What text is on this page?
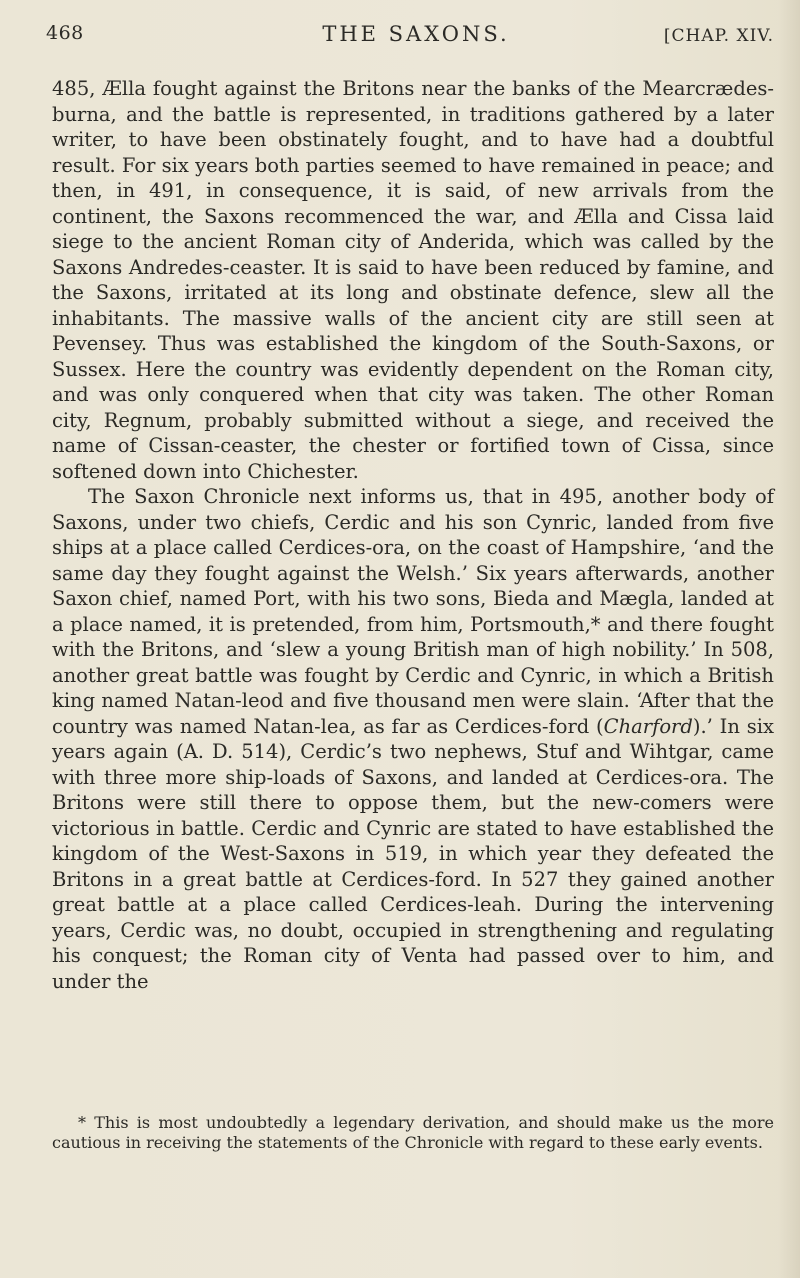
468	THE SAXONS.	[CHAP. XIV.

485, Ælla fought against the Britons near the banks of the Mearcrædes-burna, and the battle is represented, in traditions gathered by a later writer, to have been obstinately fought, and to have had a doubtful result. For six years both parties seemed to have remained in peace; and then, in 491, in consequence, it is said, of new arrivals from the continent, the Saxons recommenced the war, and Ælla and Cissa laid siege to the ancient Roman city of Anderida, which was called by the Saxons Andredes-ceaster. It is said to have been reduced by famine, and the Saxons, irritated at its long and obstinate defence, slew all the inhabitants. The massive walls of the ancient city are still seen at Pevensey. Thus was established the kingdom of the South-Saxons, or Sussex. Here the country was evidently dependent on the Roman city, and was only conquered when that city was taken. The other Roman city, Regnum, probably submitted without a siege, and received the name of Cissan-ceaster, the chester or fortified town of Cissa, since softened down into Chichester.

The Saxon Chronicle next informs us, that in 495, another body of Saxons, under two chiefs, Cerdic and his son Cynric, landed from five ships at a place called Cerdices-ora, on the coast of Hampshire, ‘and the same day they fought against the Welsh.’ Six years afterwards, another Saxon chief, named Port, with his two sons, Bieda and Mægla, landed at a place named, it is pretended, from him, Portsmouth,* and there fought with the Britons, and ‘slew a young British man of high nobility.’ In 508, another great battle was fought by Cerdic and Cynric, in which a British king named Natan-leod and five thousand men were slain. ‘After that the country was named Natan-lea, as far as Cerdices-ford (Charford).’ In six years again (A. D. 514), Cerdic’s two nephews, Stuf and Wihtgar, came with three more ship-loads of Saxons, and landed at Cerdices-ora. The Britons were still there to oppose them, but the new-comers were victorious in battle. Cerdic and Cynric are stated to have established the kingdom of the West-Saxons in 519, in which year they defeated the Britons in a great battle at Cerdices-ford. In 527 they gained another great battle at a place called Cerdices-leah. During the intervening years, Cerdic was, no doubt, occupied in strengthening and regulating his conquest; the Roman city of Venta had passed over to him, and under the

* This is most undoubtedly a legendary derivation, and should make us the more cautious in receiving the statements of the Chronicle with regard to these early events.
